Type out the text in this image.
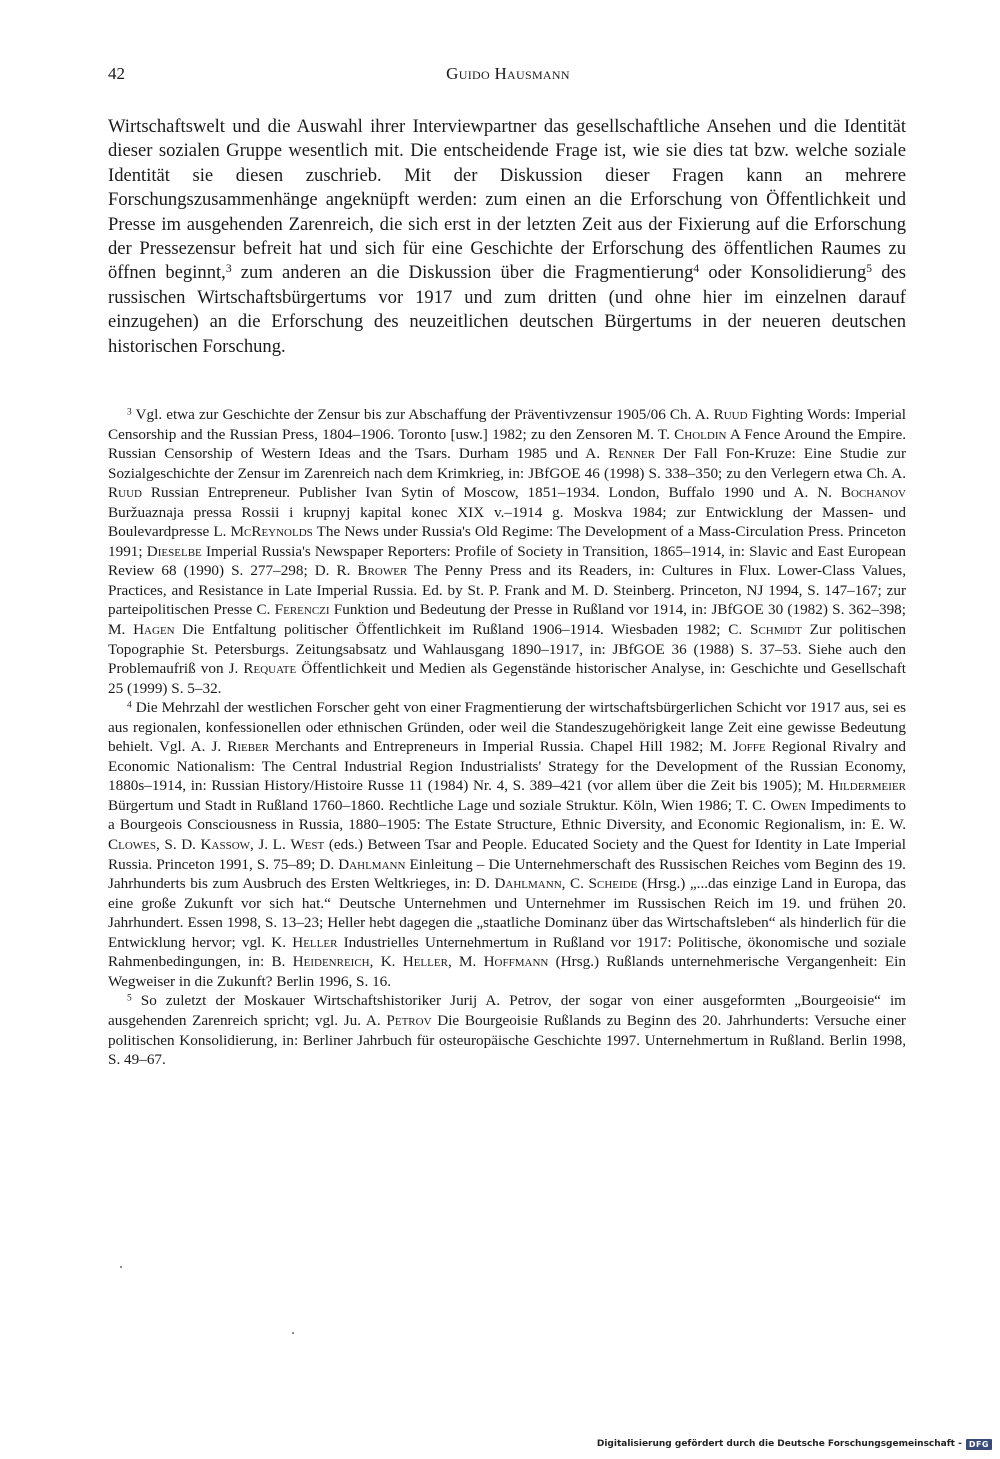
42	Guido Hausmann

Wirtschaftswelt und die Auswahl ihrer Interviewpartner das gesellschaftliche Ansehen und die Identität dieser sozialen Gruppe wesentlich mit. Die entscheidende Frage ist, wie sie dies tat bzw. welche soziale Identität sie diesen zuschrieb. Mit der Diskussion dieser Fragen kann an mehrere Forschungszusammenhänge angeknüpft werden: zum einen an die Erforschung von Öffentlichkeit und Presse im ausgehenden Zarenreich, die sich erst in der letzten Zeit aus der Fixierung auf die Erforschung der Pressezensur befreit hat und sich für eine Geschichte der Erforschung des öffentlichen Raumes zu öffnen beginnt,$^3$ zum anderen an die Diskussion über die Fragmentierung$^4$ oder Konsolidierung$^5$ des russischen Wirtschaftsbürgertums vor 1917 und zum dritten (und ohne hier im einzelnen darauf einzugehen) an die Erforschung des neuzeitlichen deutschen Bürgertums in der neueren deutschen historischen Forschung.

$^3$ Vgl. etwa zur Geschichte der Zensur bis zur Abschaffung der Präventivzensur 1905/06 Ch. A. Ruud Fighting Words: Imperial Censorship and the Russian Press, 1804–1906. Toronto [usw.] 1982; zu den Zensoren M. T. Choldin A Fence Around the Empire. Russian Censorship of Western Ideas and the Tsars. Durham 1985 und A. Renner Der Fall Fon-Kruze: Eine Studie zur Sozialgeschichte der Zensur im Zarenreich nach dem Krimkrieg, in: JBfGOE 46 (1998) S. 338–350; zu den Verlegern etwa Ch. A. Ruud Russian Entrepreneur. Publisher Ivan Sytin of Moscow, 1851–1934. London, Buffalo 1990 und A. N. Bochanov Buržuaznaja pressa Rossii i krupnyj kapital konec XIX v.–1914 g. Moskva 1984; zur Entwicklung der Massen- und Boulevardpresse L. McReynolds The News under Russia's Old Regime: The Development of a Mass-Circulation Press. Princeton 1991; Dieselbe Imperial Russia's Newspaper Reporters: Profile of Society in Transition, 1865–1914, in: Slavic and East European Review 68 (1990) S. 277–298; D. R. Brower The Penny Press and its Readers, in: Cultures in Flux. Lower-Class Values, Practices, and Resistance in Late Imperial Russia. Ed. by St. P. Frank and M. D. Steinberg. Princeton, NJ 1994, S. 147–167; zur parteipolitischen Presse C. Ferenczi Funktion und Bedeutung der Presse in Rußland vor 1914, in: JBfGOE 30 (1982) S. 362–398; M. Hagen Die Entfaltung politischer Öffentlichkeit im Rußland 1906–1914. Wiesbaden 1982; C. Schmidt Zur politischen Topographie St. Petersburgs. Zeitungsabsatz und Wahlausgang 1890–1917, in: JBfGOE 36 (1988) S. 37–53. Siehe auch den Problemaufriß von J. Requate Öffentlichkeit und Medien als Gegenstände historischer Analyse, in: Geschichte und Gesellschaft 25 (1999) S. 5–32.

$^4$ Die Mehrzahl der westlichen Forscher geht von einer Fragmentierung der wirtschaftsbürgerlichen Schicht vor 1917 aus, sei es aus regionalen, konfessionellen oder ethnischen Gründen, oder weil die Standeszugehörigkeit lange Zeit eine gewisse Bedeutung behielt. Vgl. A. J. Rieber Merchants and Entrepreneurs in Imperial Russia. Chapel Hill 1982; M. Joffe Regional Rivalry and Economic Nationalism: The Central Industrial Region Industrialists' Strategy for the Development of the Russian Economy, 1880s–1914, in: Russian History/Histoire Russe 11 (1984) Nr. 4, S. 389–421 (vor allem über die Zeit bis 1905); M. Hildermeier Bürgertum und Stadt in Rußland 1760–1860. Rechtliche Lage und soziale Struktur. Köln, Wien 1986; T. C. Owen Impediments to a Bourgeois Consciousness in Russia, 1880–1905: The Estate Structure, Ethnic Diversity, and Economic Regionalism, in: E. W. Clowes, S. D. Kassow, J. L. West (eds.) Between Tsar and People. Educated Society and the Quest for Identity in Late Imperial Russia. Princeton 1991, S. 75–89; D. Dahlmann Einleitung – Die Unternehmerschaft des Russischen Reiches vom Beginn des 19. Jahrhunderts bis zum Ausbruch des Ersten Weltkrieges, in: D. Dahlmann, C. Scheide (Hrsg.) „...das einzige Land in Europa, das eine große Zukunft vor sich hat.“ Deutsche Unternehmen und Unternehmer im Russischen Reich im 19. und frühen 20. Jahrhundert. Essen 1998, S. 13–23; Heller hebt dagegen die „staatliche Dominanz über das Wirtschaftsleben“ als hinderlich für die Entwicklung hervor; vgl. K. Heller Industrielles Unternehmertum in Rußland vor 1917: Politische, ökonomische und soziale Rahmenbedingungen, in: B. Heidenreich, K. Heller, M. Hoffmann (Hrsg.) Rußlands unternehmerische Vergangenheit: Ein Wegweiser in die Zukunft? Berlin 1996, S. 16.

$^5$ So zuletzt der Moskauer Wirtschaftshistoriker Jurij A. Petrov, der sogar von einer ausgeformten „Bourgeoisie“ im ausgehenden Zarenreich spricht; vgl. Ju. A. Petrov Die Bourgeoisie Rußlands zu Beginn des 20. Jahrhunderts: Versuche einer politischen Konsolidierung, in: Berliner Jahrbuch für osteuropäische Geschichte 1997. Unternehmertum in Rußland. Berlin 1998, S. 49–67.

Digitalisierung gefördert durch die Deutsche Forschungsgemeinschaft - DFG
